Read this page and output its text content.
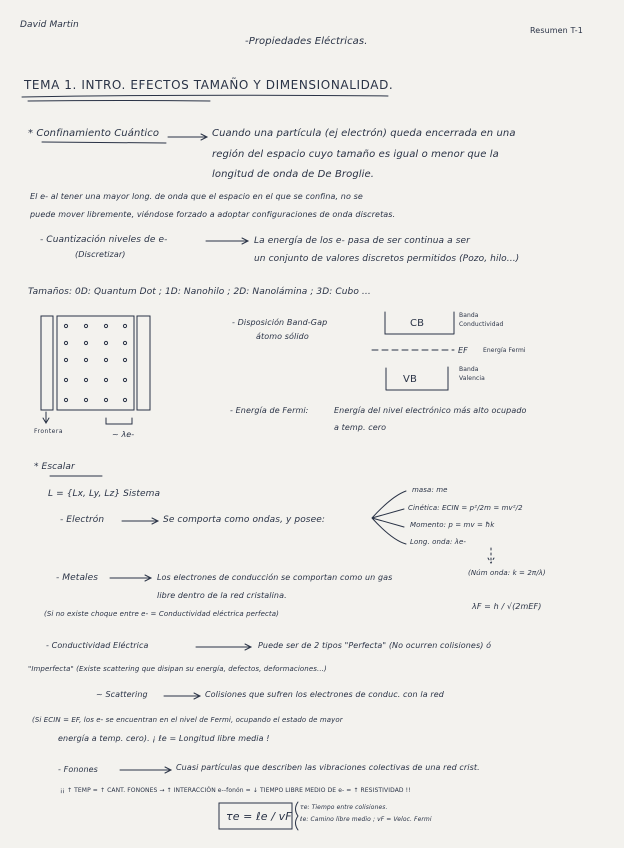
David Martin
-Propiedades Eléctricas.
Resumen T-1
TEMA 1. INTRO. EFECTOS TAMAÑO Y DIMENSIONALIDAD.
* Confinamiento Cuántico	Cuando una partícula (ej electrón) queda encerrada en una
región del espacio cuyo tamaño es igual o menor que la
longitud de onda de De Broglie.
El e- al tener una mayor long. de onda que el espacio en el que se confina, no se
puede mover libremente, viéndose forzado a adoptar configuraciones de onda discretas.
- Cuantización niveles de e-
(Discretizar)
La energía de los e- pasa de ser continua a ser
un conjunto de valores discretos permitidos (Pozo, hilo...)
Tamaños: 0D: Quantum Dot ; 1D: Nanohilo ; 2D: Nanolámina ; 3D: Cubo ...
Frontera	~ λe-
- Disposición Band-Gap
átomo sólido
CB
Banda
Conductividad
EF	Energía Fermi
VB
Banda
Valencia
- Energía de Fermi:	Energía del nivel electrónico más alto ocupado
a temp. cero
* Escalar
L = {Lx, Ly, Lz} Sistema
- Electrón	Se comporta como ondas, y posee:
masa: me
Cinética: ECIN = p²/2m = mv²/2
Momento: p = mv = ħk
Long. onda: λe-
(Núm onda: k = 2π/λ)
- Metales	Los electrones de conducción se comportan como un gas
libre dentro de la red cristalina.
(Si no existe choque entre e- = Conductividad eléctrica perfecta)
λF = h / √(2mEF)
- Conductividad Eléctrica	Puede ser de 2 tipos "Perfecta" (No ocurren colisiones) ó
"Imperfecta" (Existe scattering que disipan su energía, defectos, deformaciones...)
~ Scattering	Colisiones que sufren los electrones de conduc. con la red
(Si ECIN = EF, los e- se encuentran en el nivel de Fermi, ocupando el estado de mayor
energía a temp. cero). ¡ ℓe = Longitud libre media !
- Fonones	Cuasi partículas que describen las vibraciones colectivas de una red crist.
¡¡ ↑ TEMP = ↑ CANT. FONONES → ↑ INTERACCIÓN e--fonón = ↓ TIEMPO LIBRE MEDIO DE e- = ↑ RESISTIVIDAD !!
τe = ℓe / vF
τe: Tiempo entre colisiones.
ℓe: Camino libre medio ; vF = Veloc. Fermi
